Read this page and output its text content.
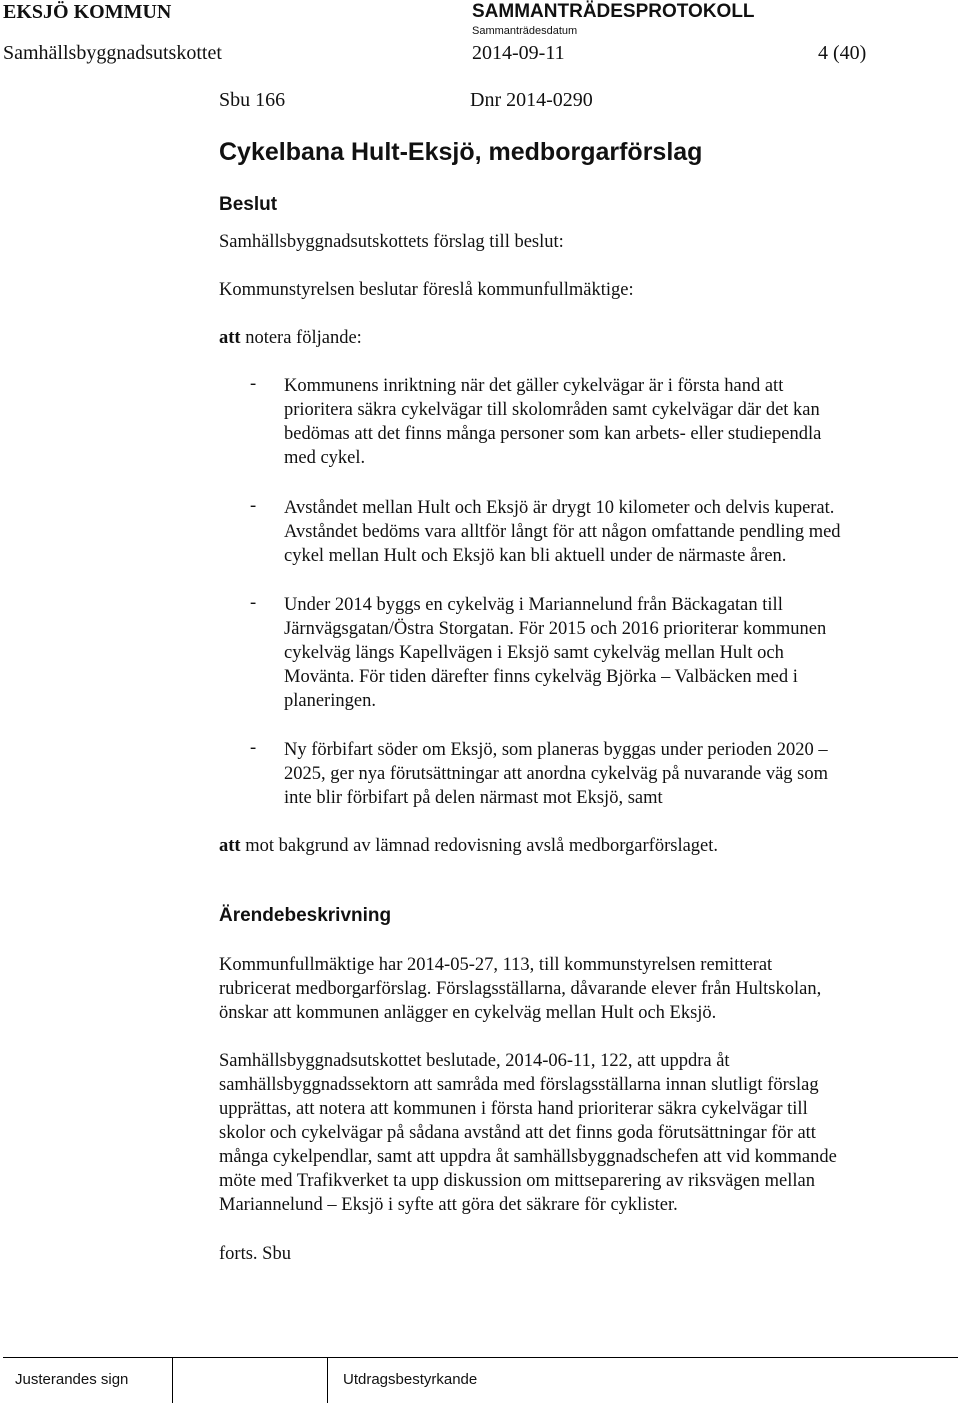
EKSJÖ KOMMUN	SAMMANTRÄDESPROTOKOLL
Sammanträdesdatum
Samhällsbyggnadsutskottet	2014-09-11	4 (40)
Sbu 166	Dnr 2014-0290
Cykelbana Hult-Eksjö, medborgarförslag
Beslut
Samhällsbyggnadsutskottets förslag till beslut:
Kommunstyrelsen beslutar föreslå kommunfullmäktige:
att notera följande:
- Kommunens inriktning när det gäller cykelvägar är i första hand att
prioritera säkra cykelvägar till skolområden samt cykelvägar där det kan
bedömas att det finns många personer som kan arbets- eller studiependla
med cykel.
- Avståndet mellan Hult och Eksjö är drygt 10 kilometer och delvis kuperat.
Avståndet bedöms vara alltför långt för att någon omfattande pendling med
cykel mellan Hult och Eksjö kan bli aktuell under de närmaste åren.
- Under 2014 byggs en cykelväg i Mariannelund från Bäckagatan till
Järnvägsgatan/Östra Storgatan. För 2015 och 2016 prioriterar kommunen
cykelväg längs Kapellvägen i Eksjö samt cykelväg mellan Hult och
Movänta. För tiden därefter finns cykelväg Björka – Valbäcken med i
planeringen.
- Ny förbifart söder om Eksjö, som planeras byggas under perioden 2020 –
2025, ger nya förutsättningar att anordna cykelväg på nuvarande väg som
inte blir förbifart på delen närmast mot Eksjö, samt
att mot bakgrund av lämnad redovisning avslå medborgarförslaget.
Ärendebeskrivning
Kommunfullmäktige har 2014-05-27, 113, till kommunstyrelsen remitterat
rubricerat medborgarförslag. Förslagsställarna, dåvarande elever från Hultskolan,
önskar att kommunen anlägger en cykelväg mellan Hult och Eksjö.
Samhällsbyggnadsutskottet beslutade, 2014-06-11, 122, att uppdra åt
samhällsbyggnadssektorn att samråda med förslagsställarna innan slutligt förslag
upprättas, att notera att kommunen i första hand prioriterar säkra cykelvägar till
skolor och cykelvägar på sådana avstånd att det finns goda förutsättningar för att
många cykelpendlar, samt att uppdra åt samhällsbyggnadschefen att vid kommande
möte med Trafikverket ta upp diskussion om mittseparering av riksvägen mellan
Mariannelund – Eksjö i syfte att göra det säkrare för cyklister.
forts. Sbu
Justerandes sign	Utdragsbestyrkande
